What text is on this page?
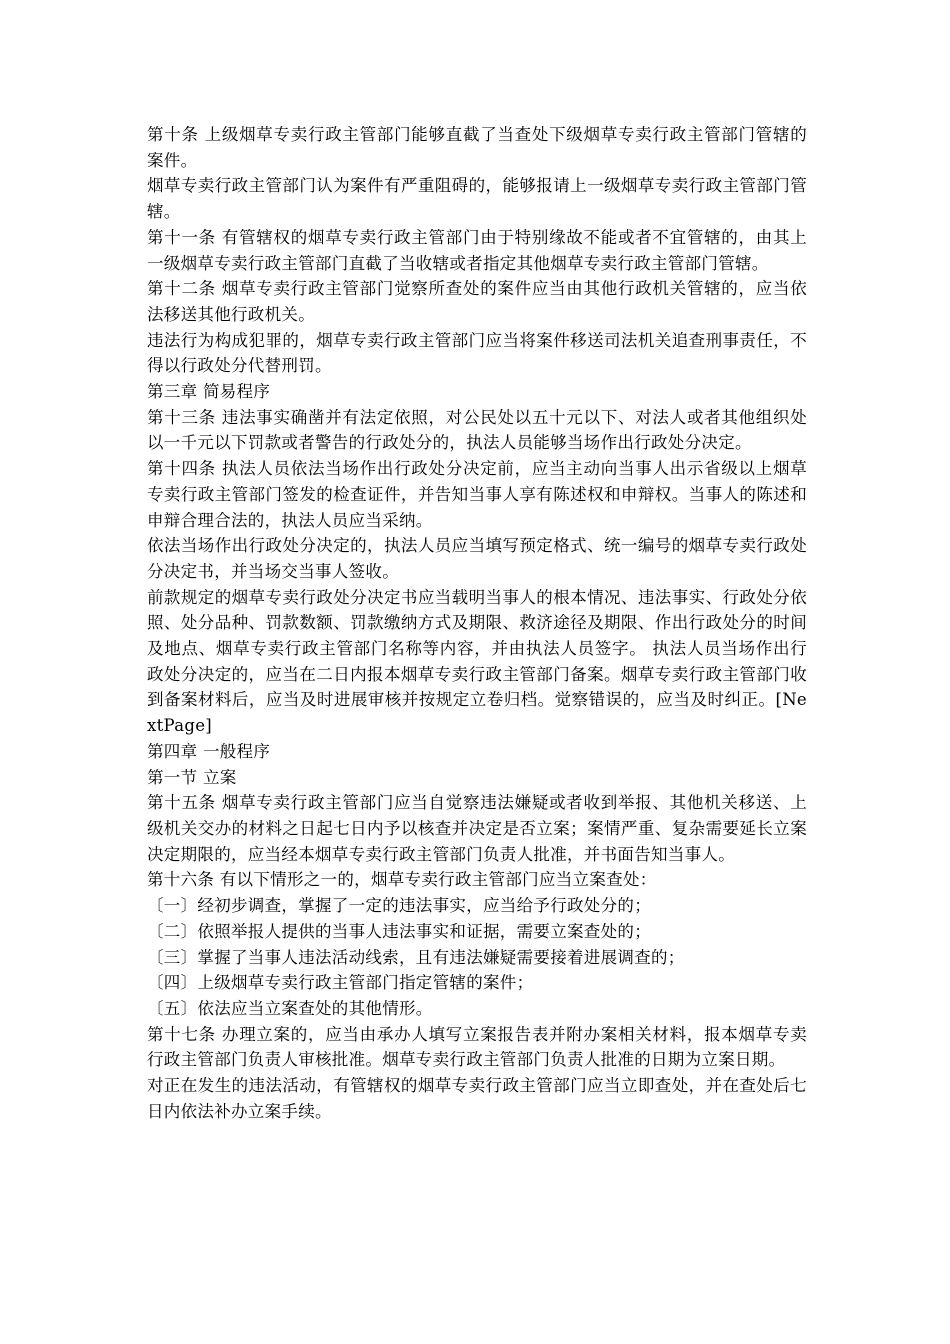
第十条 上级烟草专卖行政主管部门能够直截了当查处下级烟草专卖行政主管部门管辖的案件。

烟草专卖行政主管部门认为案件有严重阻碍的，能够报请上一级烟草专卖行政主管部门管辖。

第十一条 有管辖权的烟草专卖行政主管部门由于特别缘故不能或者不宜管辖的，由其上一级烟草专卖行政主管部门直截了当收辖或者指定其他烟草专卖行政主管部门管辖。

第十二条 烟草专卖行政主管部门觉察所查处的案件应当由其他行政机关管辖的，应当依法移送其他行政机关。

违法行为构成犯罪的，烟草专卖行政主管部门应当将案件移送司法机关追查刑事责任，不得以行政处分代替刑罚。

第三章 简易程序

第十三条 违法事实确凿并有法定依照，对公民处以五十元以下、对法人或者其他组织处以一千元以下罚款或者警告的行政处分的，执法人员能够当场作出行政处分决定。

第十四条 执法人员依法当场作出行政处分决定前，应当主动向当事人出示省级以上烟草专卖行政主管部门签发的检查证件，并告知当事人享有陈述权和申辩权。当事人的陈述和申辩合理合法的，执法人员应当采纳。

依法当场作出行政处分决定的，执法人员应当填写预定格式、统一编号的烟草专卖行政处分决定书，并当场交当事人签收。

前款规定的烟草专卖行政处分决定书应当载明当事人的根本情况、违法事实、行政处分依照、处分品种、罚款数额、罚款缴纳方式及期限、救济途径及期限、作出行政处分的时间及地点、烟草专卖行政主管部门名称等内容，并由执法人员签字。 执法人员当场作出行政处分决定的，应当在二日内报本烟草专卖行政主管部门备案。烟草专卖行政主管部门收到备案材料后，应当及时进展审核并按规定立卷归档。觉察错误的，应当及时纠正。[NextPage]

第四章 一般程序

第一节 立案

第十五条 烟草专卖行政主管部门应当自觉察违法嫌疑或者收到举报、其他机关移送、上级机关交办的材料之日起七日内予以核查并决定是否立案；案情严重、复杂需要延长立案决定期限的，应当经本烟草专卖行政主管部门负责人批准，并书面告知当事人。

第十六条 有以下情形之一的，烟草专卖行政主管部门应当立案查处：

〔一〕经初步调查，掌握了一定的违法事实，应当给予行政处分的；

〔二〕依照举报人提供的当事人违法事实和证据，需要立案查处的；

〔三〕掌握了当事人违法活动线索，且有违法嫌疑需要接着进展调查的；

〔四〕上级烟草专卖行政主管部门指定管辖的案件；

〔五〕依法应当立案查处的其他情形。

第十七条 办理立案的，应当由承办人填写立案报告表并附办案相关材料，报本烟草专卖行政主管部门负责人审核批准。烟草专卖行政主管部门负责人批准的日期为立案日期。

对正在发生的违法活动，有管辖权的烟草专卖行政主管部门应当立即查处，并在查处后七日内依法补办立案手续。
